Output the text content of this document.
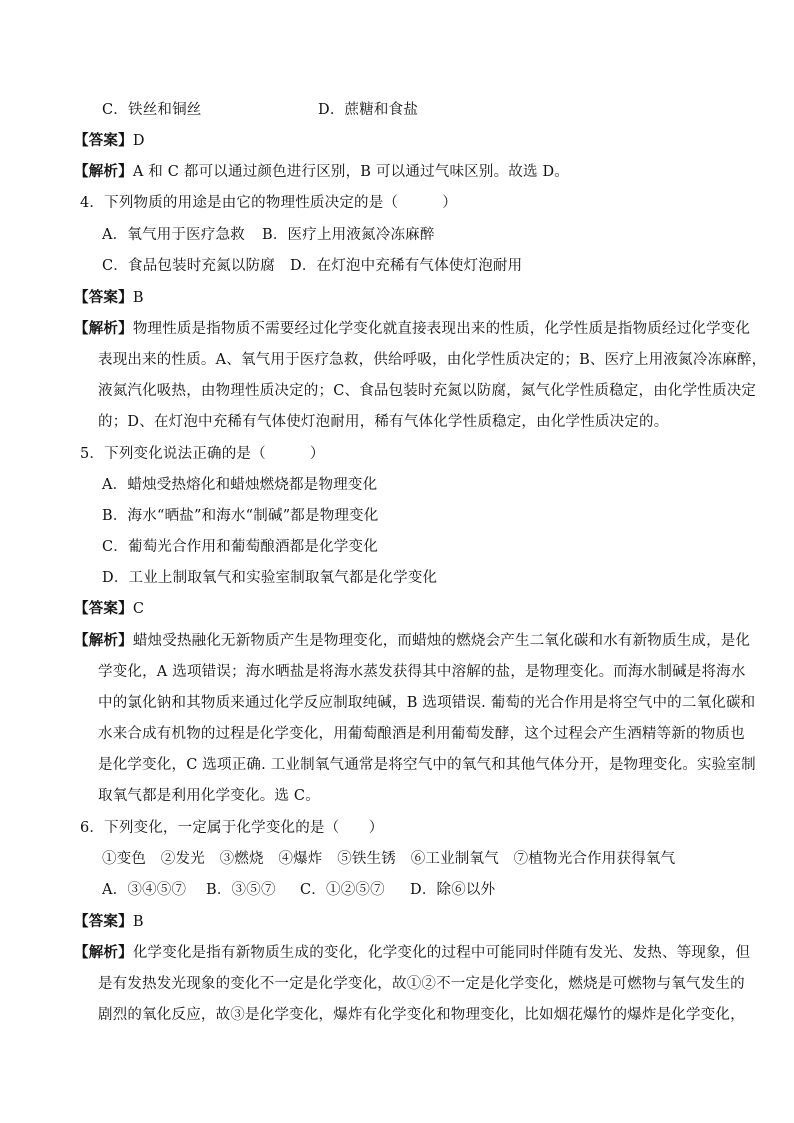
C．铁丝和铜丝	D．蔗糖和食盐
【答案】D
【解析】A 和 C 都可以通过颜色进行区别，B 可以通过气味区别。故选 D。
4．下列物质的用途是由它的物理性质决定的是（　　　）
A．氧气用于医疗急救 B．医疗上用液氮冷冻麻醉
C．食品包装时充氮以防腐 D．在灯泡中充稀有气体使灯泡耐用
【答案】B
【解析】物理性质是指物质不需要经过化学变化就直接表现出来的性质，化学性质是指物质经过化学变化
表现出来的性质。A、氧气用于医疗急救，供给呼吸，由化学性质决定的；B、医疗上用液氮冷冻麻醉，
液氮汽化吸热，由物理性质决定的；C、食品包装时充氮以防腐，氮气化学性质稳定，由化学性质决定
的；D、在灯泡中充稀有气体使灯泡耐用，稀有气体化学性质稳定，由化学性质决定的。
5．下列变化说法正确的是（　　　）
A．蜡烛受热熔化和蜡烛燃烧都是物理变化
B．海水“晒盐”和海水“制碱”都是物理变化
C．葡萄光合作用和葡萄酿酒都是化学变化
D．工业上制取氧气和实验室制取氧气都是化学变化
【答案】C
【解析】蜡烛受热融化无新物质产生是物理变化，而蜡烛的燃烧会产生二氧化碳和水有新物质生成，是化
学变化，A 选项错误；海水晒盐是将海水蒸发获得其中溶解的盐，是物理变化。而海水制碱是将海水
中的氯化钠和其物质来通过化学反应制取纯碱，B 选项错误. 葡萄的光合作用是将空气中的二氧化碳和
水来合成有机物的过程是化学变化，用葡萄酿酒是利用葡萄发酵，这个过程会产生酒精等新的物质也
是化学变化，C 选项正确. 工业制氧气通常是将空气中的氧气和其他气体分开，是物理变化。实验室制
取氧气都是利用化学变化。选 C。
6．下列变化，一定属于化学变化的是（　　）
①变色　②发光　③燃烧　④爆炸　⑤铁生锈　⑥工业制氧气　⑦植物光合作用获得氧气
A．③④⑤⑦ B．③⑤⑦ C．①②⑤⑦ D．除⑥以外
【答案】B
【解析】化学变化是指有新物质生成的变化，化学变化的过程中可能同时伴随有发光、发热、等现象，但
是有发热发光现象的变化不一定是化学变化，故①②不一定是化学变化，燃烧是可燃物与氧气发生的
剧烈的氧化反应，故③是化学变化，爆炸有化学变化和物理变化，比如烟花爆竹的爆炸是化学变化，
